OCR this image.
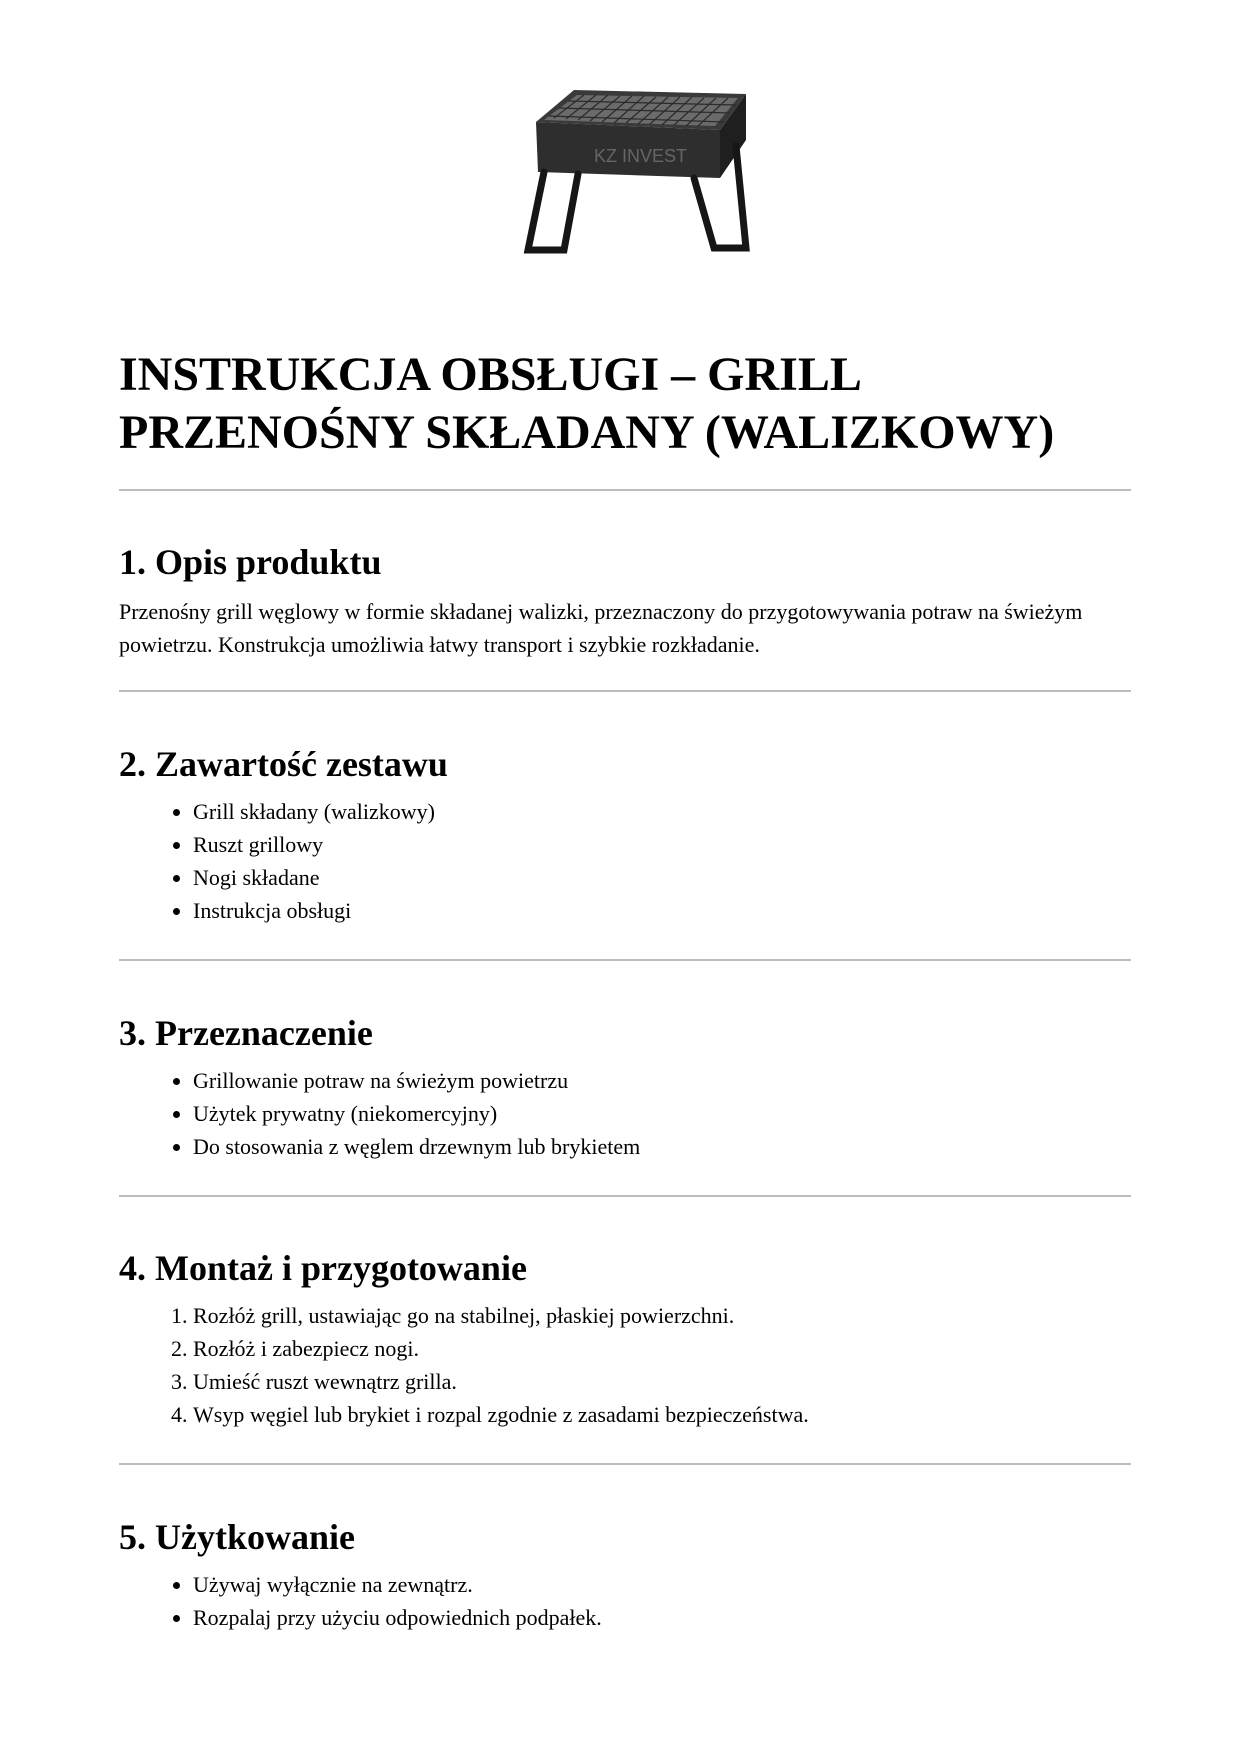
KZ INVEST
INSTRUKCJA OBSŁUGI – GRILL
PRZENOŚNY SKŁADANY (WALIZKOWY)
1. Opis produktu

Przenośny grill węglowy w formie składanej walizki, przeznaczony do przygotowywania potraw na świeżym powietrzu. Konstrukcja umożliwia łatwy transport i szybkie rozkładanie.

2. Zawartość zestawu
• Grill składany (walizkowy)
• Ruszt grillowy
• Nogi składane
• Instrukcja obsługi
3. Przeznaczenie
• Grillowanie potraw na świeżym powietrzu
• Użytek prywatny (niekomercyjny)
• Do stosowania z węglem drzewnym lub brykietem
4. Montaż i przygotowanie
1. Rozłóż grill, ustawiając go na stabilnej, płaskiej powierzchni.
2. Rozłóż i zabezpiecz nogi.
3. Umieść ruszt wewnątrz grilla.
4. Wsyp węgiel lub brykiet i rozpal zgodnie z zasadami bezpieczeństwa.
5. Użytkowanie
• Używaj wyłącznie na zewnątrz.
• Rozpalaj przy użyciu odpowiednich podpałek.
